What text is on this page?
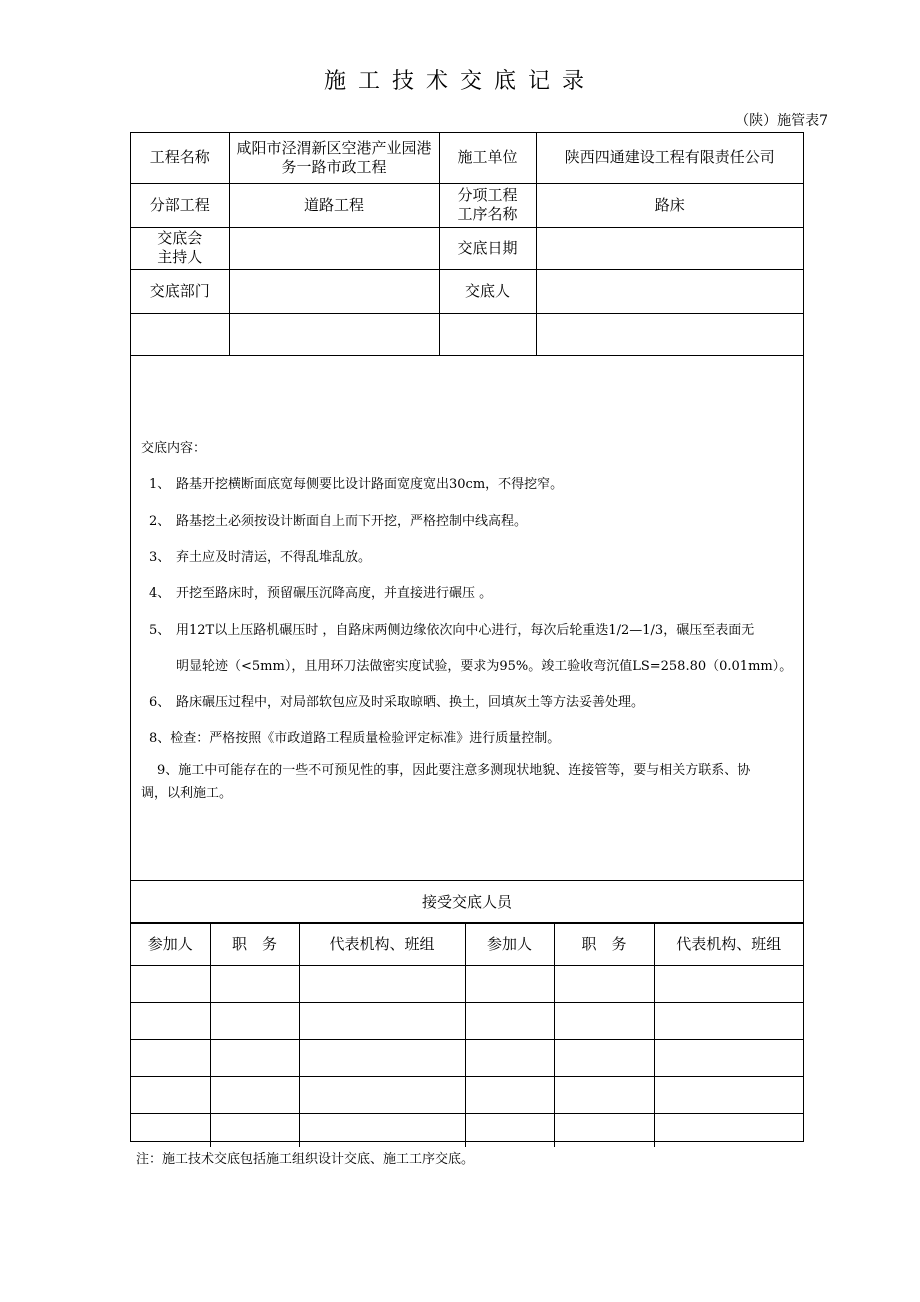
施工技术交底记录
（陕）施管表7
工程名称	咸阳市泾渭新区空港产业园港务一路市政工程	施工单位	陕西四通建设工程有限责任公司
分部工程	道路工程	分项工程工序名称	路床

交底会主持人		交底日期	
交底部门		交底人	

交底内容：
1、 路基开挖横断面底宽每侧要比设计路面宽度宽出30cm，不得挖窄。
2、 路基挖土必须按设计断面自上而下开挖，严格控制中线高程。
3、 弃土应及时清运，不得乱堆乱放。
4、 开挖至路床时，预留碾压沉降高度，并直接进行碾压 。
5、 用12T以上压路机碾压时 ，自路床两侧边缘依次向中心进行，每次后轮重迭1/2—1/3，碾压至表面无
明显轮迹（<5mm），且用环刀法做密实度试验，要求为95%。竣工验收弯沉值LS=258.80（0.01mm）。
6、 路床碾压过程中，对局部软包应及时采取晾晒、换土，回填灰土等方法妥善处理。
8、检查：严格按照《市政道路工程质量检验评定标准》进行质量控制。
9、施工中可能存在的一些不可预见性的事，因此要注意多测现状地貌、连接管等，要与相关方联系、协
调，以利施工。
接受交底人员
参加人	职　务	代表机构、班组	参加人	职　务	代表机构、班组

注：施工技术交底包括施工组织设计交底、施工工序交底。
